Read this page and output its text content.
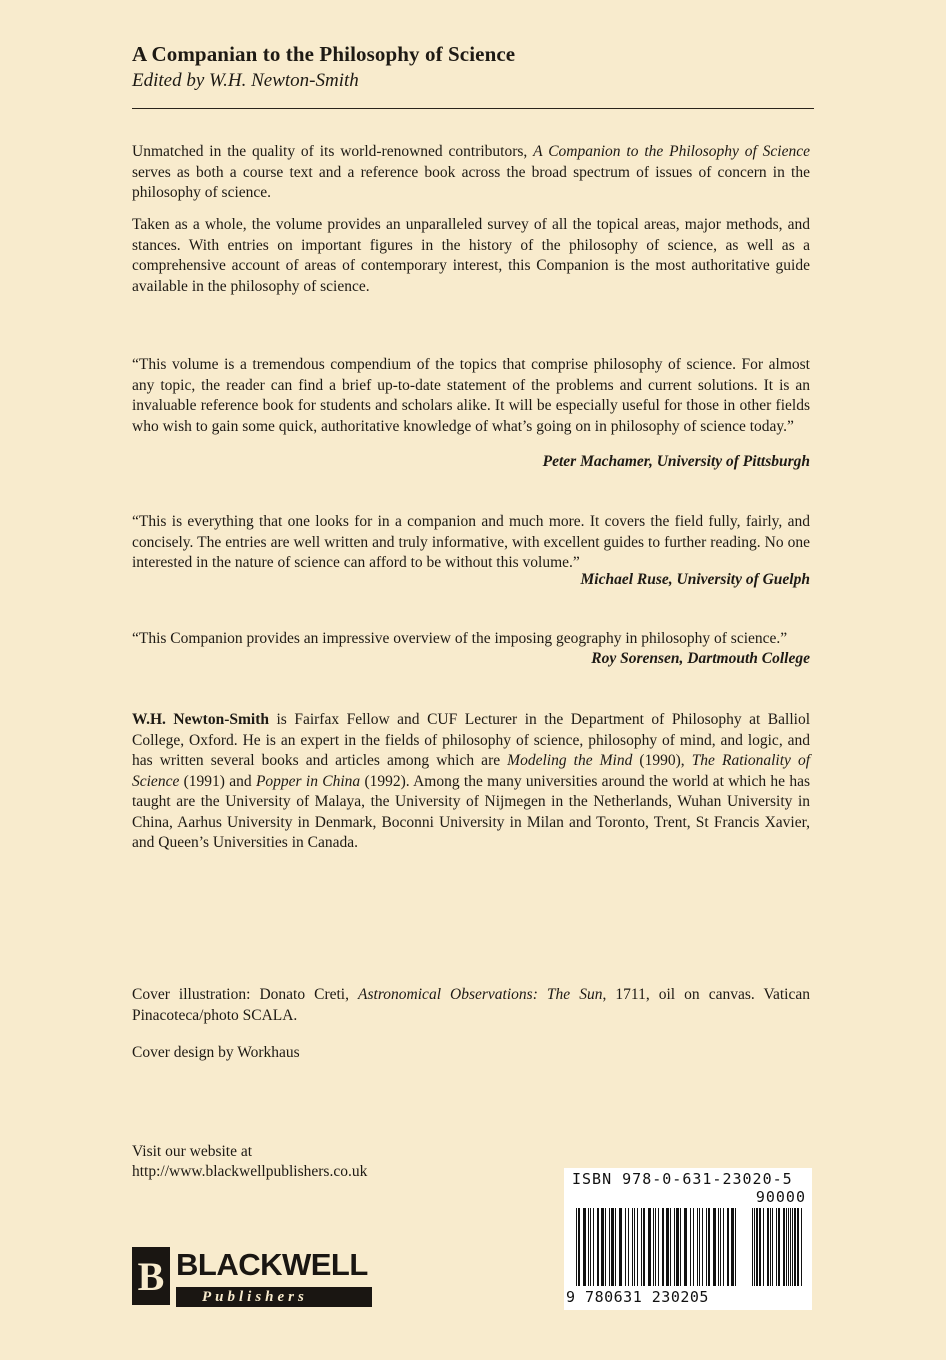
A Companian to the Philosophy of Science
Edited by W.H. Newton-Smith
Unmatched in the quality of its world-renowned contributors, A Companion to the Philosophy of Science serves as both a course text and a reference book across the broad spectrum of issues of concern in the philosophy of science.
Taken as a whole, the volume provides an unparalleled survey of all the topical areas, major methods, and stances. With entries on important figures in the history of the philosophy of science, as well as a comprehensive account of areas of contemporary interest, this Companion is the most authoritative guide available in the philosophy of science.
“This volume is a tremendous compendium of the topics that comprise philosophy of science. For almost any topic, the reader can find a brief up-to-date statement of the problems and current solutions. It is an invaluable reference book for students and scholars alike. It will be especially useful for those in other fields who wish to gain some quick, authoritative knowledge of what’s going on in philosophy of science today.”
Peter Machamer, University of Pittsburgh
“This is everything that one looks for in a companion and much more. It covers the field fully, fairly, and concisely. The entries are well written and truly informative, with excellent guides to further reading. No one interested in the nature of science can afford to be without this volume.”
Michael Ruse, University of Guelph
“This Companion provides an impressive overview of the imposing geography in philosophy of science.”
Roy Sorensen, Dartmouth College
W.H. Newton-Smith is Fairfax Fellow and CUF Lecturer in the Department of Philosophy at Balliol College, Oxford. He is an expert in the fields of philosophy of science, philosophy of mind, and logic, and has written several books and articles among which are Modeling the Mind (1990), The Rationality of Science (1991) and Popper in China (1992). Among the many universities around the world at which he has taught are the University of Malaya, the University of Nijmegen in the Netherlands, Wuhan University in China, Aarhus University in Denmark, Boconni University in Milan and Toronto, Trent, St Francis Xavier, and Queen’s Universities in Canada.
Cover illustration: Donato Creti, Astronomical Observations: The Sun, 1711, oil on canvas. Vatican Pinacoteca/photo SCALA.
Cover design by Workhaus
Visit our website at
http://www.blackwellpublishers.co.uk	ISBN 978-0-631-23020-5
90000
9 780631 230205
B BLACKWELL
Publishers
